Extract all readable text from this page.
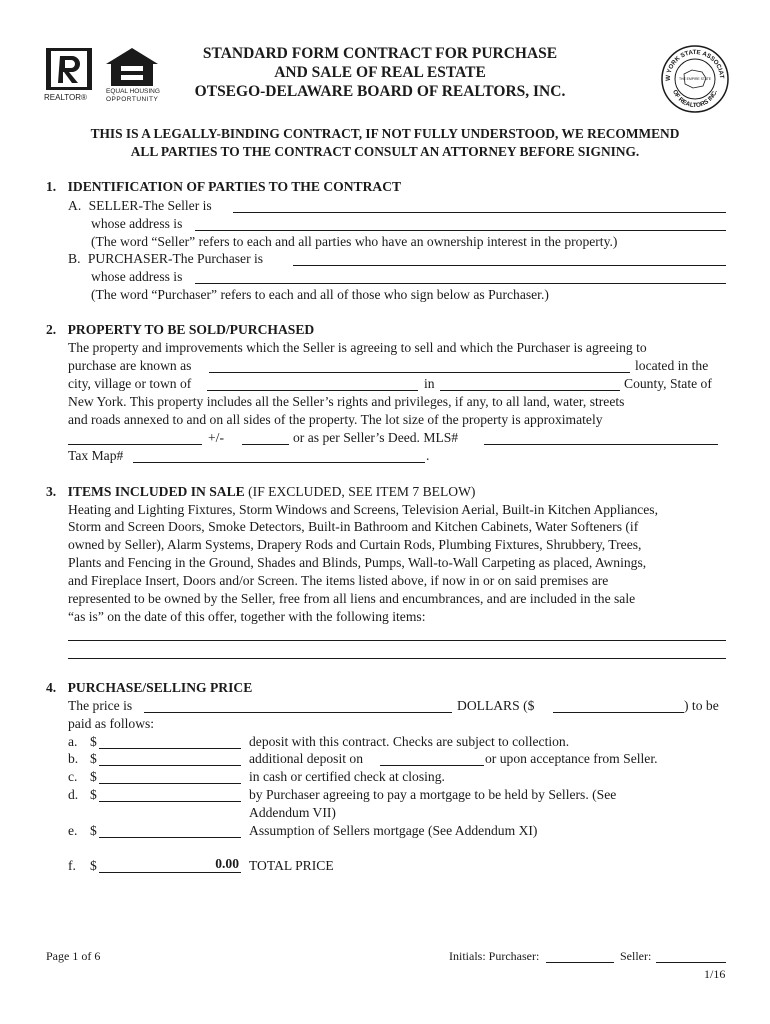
REALTOR®
EQUAL HOUSING
OPPORTUNITY
STANDARD FORM CONTRACT FOR PURCHASE
AND SALE OF REAL ESTATE
OTSEGO-DELAWARE BOARD OF REALTORS, INC.
W YORK STATE ASSOCIAT
OF REALTORS INC.
THE EMPIRE STATE
THIS IS A LEGALLY-BINDING CONTRACT, IF NOT FULLY UNDERSTOOD, WE RECOMMEND
ALL PARTIES TO THE CONTRACT CONSULT AN ATTORNEY BEFORE SIGNING.
1. IDENTIFICATION OF PARTIES TO THE CONTRACT
A. SELLER-The Seller is
whose address is
(The word “Seller” refers to each and all parties who have an ownership interest in the property.)
B. PURCHASER-The Purchaser is
whose address is
(The word “Purchaser” refers to each and all of those who sign below as Purchaser.)
2. PROPERTY TO BE SOLD/PURCHASED
The property and improvements which the Seller is agreeing to sell and which the Purchaser is agreeing to
purchase are known as	located in the
city, village or town of	in	County, State of
New York. This property includes all the Seller’s rights and privileges, if any, to all land, water, streets
and roads annexed to and on all sides of the property. The lot size of the property is approximately
+/-	or as per Seller’s Deed. MLS#
Tax Map#	.
3. ITEMS INCLUDED IN SALE (IF EXCLUDED, SEE ITEM 7 BELOW)
Heating and Lighting Fixtures, Storm Windows and Screens, Television Aerial, Built-in Kitchen Appliances,
Storm and Screen Doors, Smoke Detectors, Built-in Bathroom and Kitchen Cabinets, Water Softeners (if
owned by Seller), Alarm Systems, Drapery Rods and Curtain Rods, Plumbing Fixtures, Shrubbery, Trees,
Plants and Fencing in the Ground, Shades and Blinds, Pumps, Wall-to-Wall Carpeting as placed, Awnings,
and Fireplace Insert, Doors and/or Screen. The items listed above, if now in or on said premises are
represented to be owned by the Seller, free from all liens and encumbrances, and are included in the sale
“as is” on the date of this offer, together with the following items:
4. PURCHASE/SELLING PRICE
The price is	DOLLARS ($	) to be
paid as follows:
a. $	deposit with this contract. Checks are subject to collection.
b. $	additional deposit on	or upon acceptance from Seller.
c. $	in cash or certified check at closing.
d. $	by Purchaser agreeing to pay a mortgage to be held by Sellers. (See
Addendum VII)
e. $	Assumption of Sellers mortgage (See Addendum XI)
f. $	0.00 TOTAL PRICE
Page 1 of 6	Initials: Purchaser:	Seller:
1/16
